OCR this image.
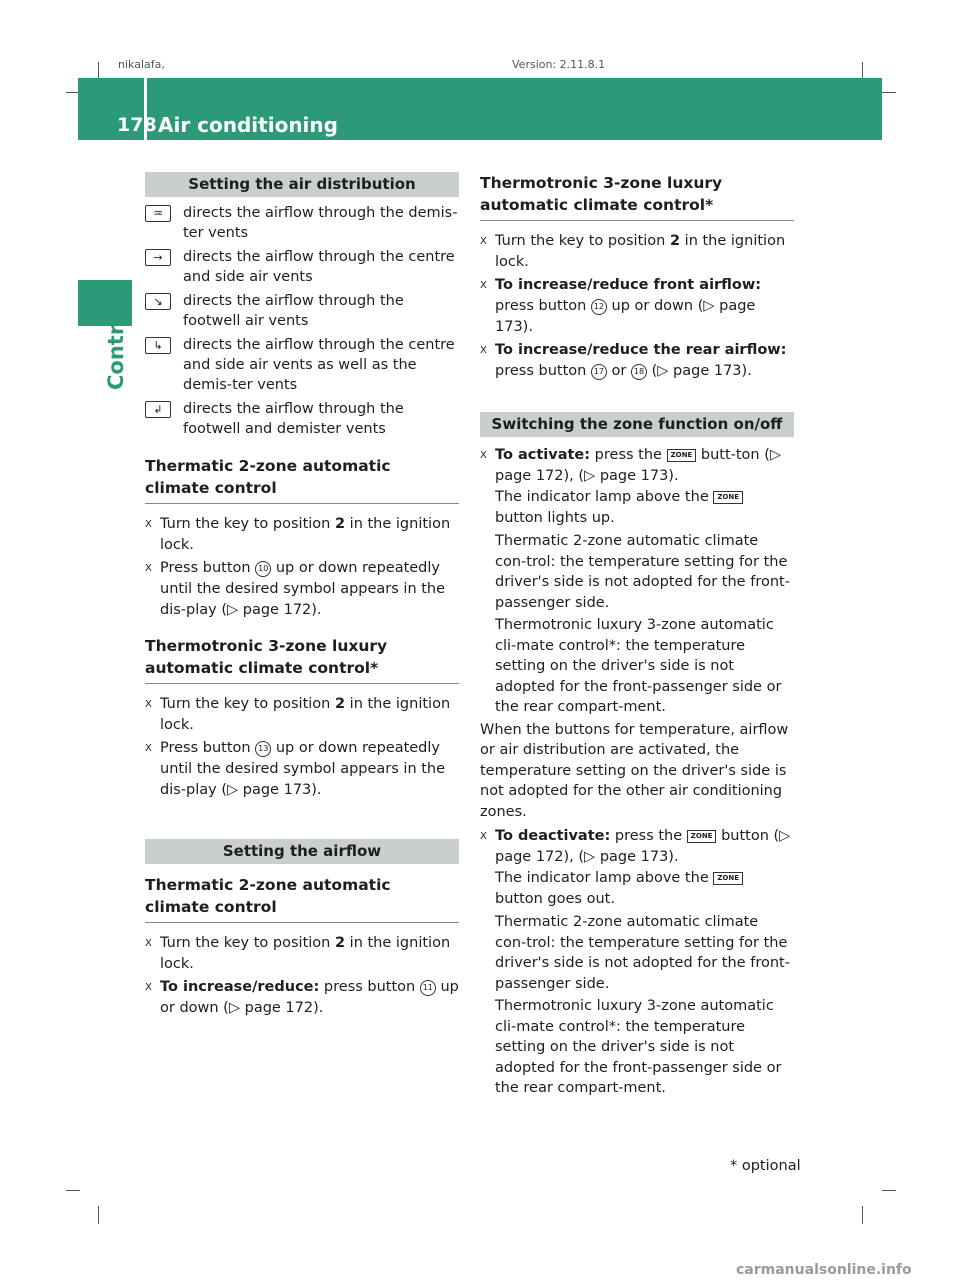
nikalafa,	Version: 2.11.8.1
178 Air conditioning
Controls
Setting the air distribution
♒	directs the airflow through the demis-ter vents
→	directs the airflow through the centre and side air vents
↘	directs the airflow through the footwell air vents
↳	directs the airflow through the centre and side air vents as well as the demis-ter vents
↲	directs the airflow through the footwell and demister vents
Thermatic 2-zone automatic climate control
X Turn the key to position 2 in the ignition lock.
X Press button 10 up or down repeatedly until the desired symbol appears in the dis-play (▷ page 172).
Thermotronic 3-zone luxury automatic climate control*
X Turn the key to position 2 in the ignition lock.
X Press button 13 up or down repeatedly until the desired symbol appears in the dis-play (▷ page 173).
Setting the airflow
Thermatic 2-zone automatic climate control
X Turn the key to position 2 in the ignition lock.
X To increase/reduce: press button 11 up or down (▷ page 172).
Thermotronic 3-zone luxury automatic climate control*
X Turn the key to position 2 in the ignition lock.
X To increase/reduce front airflow: press button 12 up or down (▷ page 173).
X To increase/reduce the rear airflow: press button 17 or 18 (▷ page 173).
Switching the zone function on/off
X To activate: press the ZONE butt-ton (▷ page 172), (▷ page 173).
The indicator lamp above the ZONE button lights up.
Thermatic 2-zone automatic climate con-trol: the temperature setting for the driver's side is not adopted for the front-passenger side.
Thermotronic luxury 3-zone automatic cli-mate control*: the temperature setting on the driver's side is not adopted for the front-passenger side or the rear compart-ment.
When the buttons for temperature, airflow or air distribution are activated, the temperature setting on the driver's side is not adopted for the other air conditioning zones.
X To deactivate: press the ZONE button (▷ page 172), (▷ page 173).
The indicator lamp above the ZONE button goes out.
Thermatic 2-zone automatic climate con-trol: the temperature setting for the driver's side is not adopted for the front-passenger side.
Thermotronic luxury 3-zone automatic cli-mate control*: the temperature setting on the driver's side is not adopted for the front-passenger side or the rear compart-ment.
* optional
carmanualsonline.info
